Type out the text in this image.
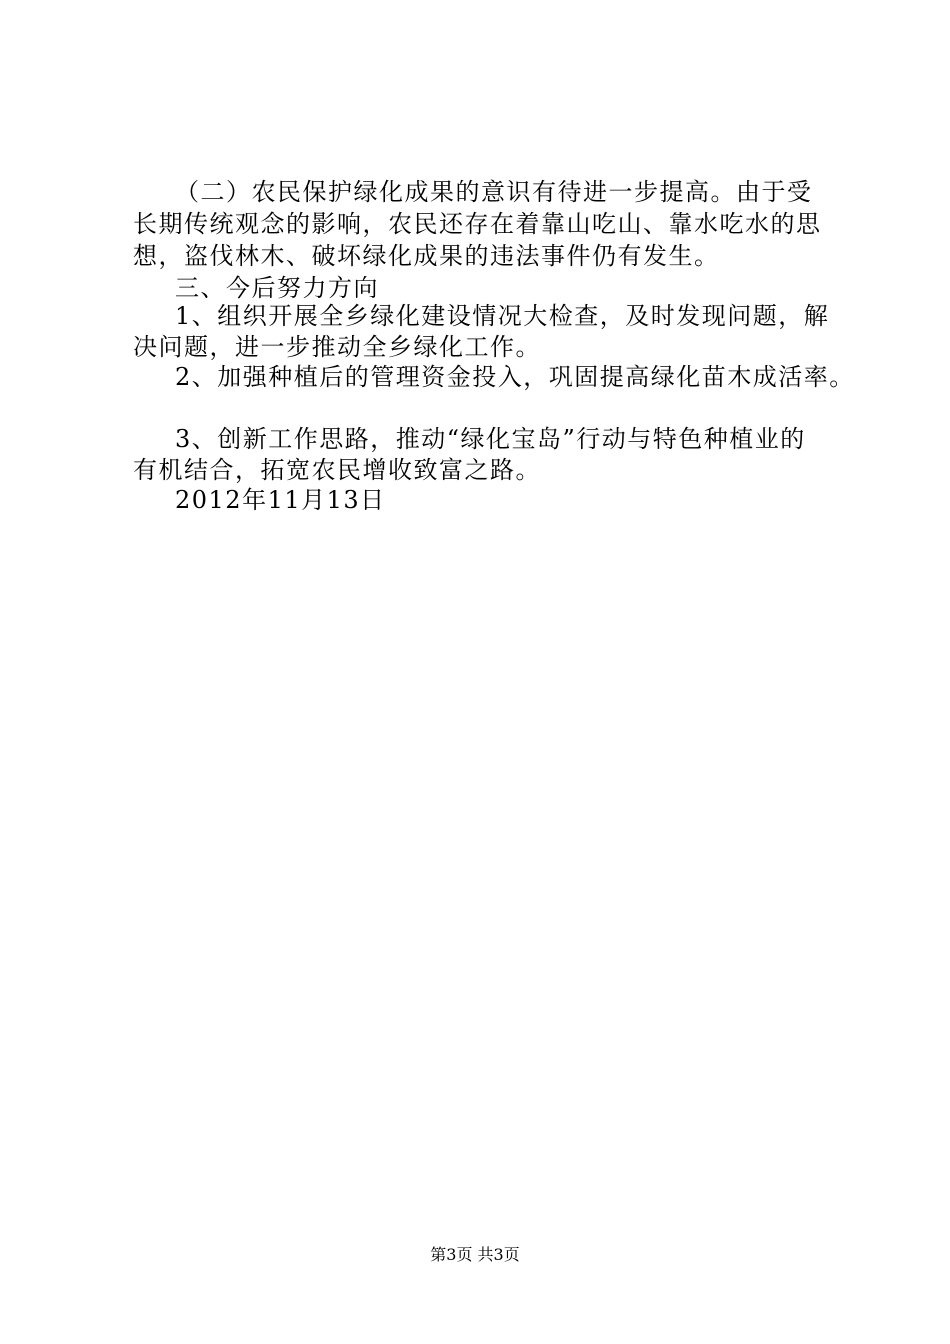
（二）农民保护绿化成果的意识有待进一步提高。由于受
长期传统观念的影响，农民还存在着靠山吃山、靠水吃水的思
想，盗伐林木、破坏绿化成果的违法事件仍有发生。
三、今后努力方向
1、组织开展全乡绿化建设情况大检查，及时发现问题，解
决问题，进一步推动全乡绿化工作。
2、加强种植后的管理资金投入，巩固提高绿化苗木成活率。
3、创新工作思路，推动“绿化宝岛”行动与特色种植业的
有机结合，拓宽农民增收致富之路。
2012年11月13日
第3页 共3页
